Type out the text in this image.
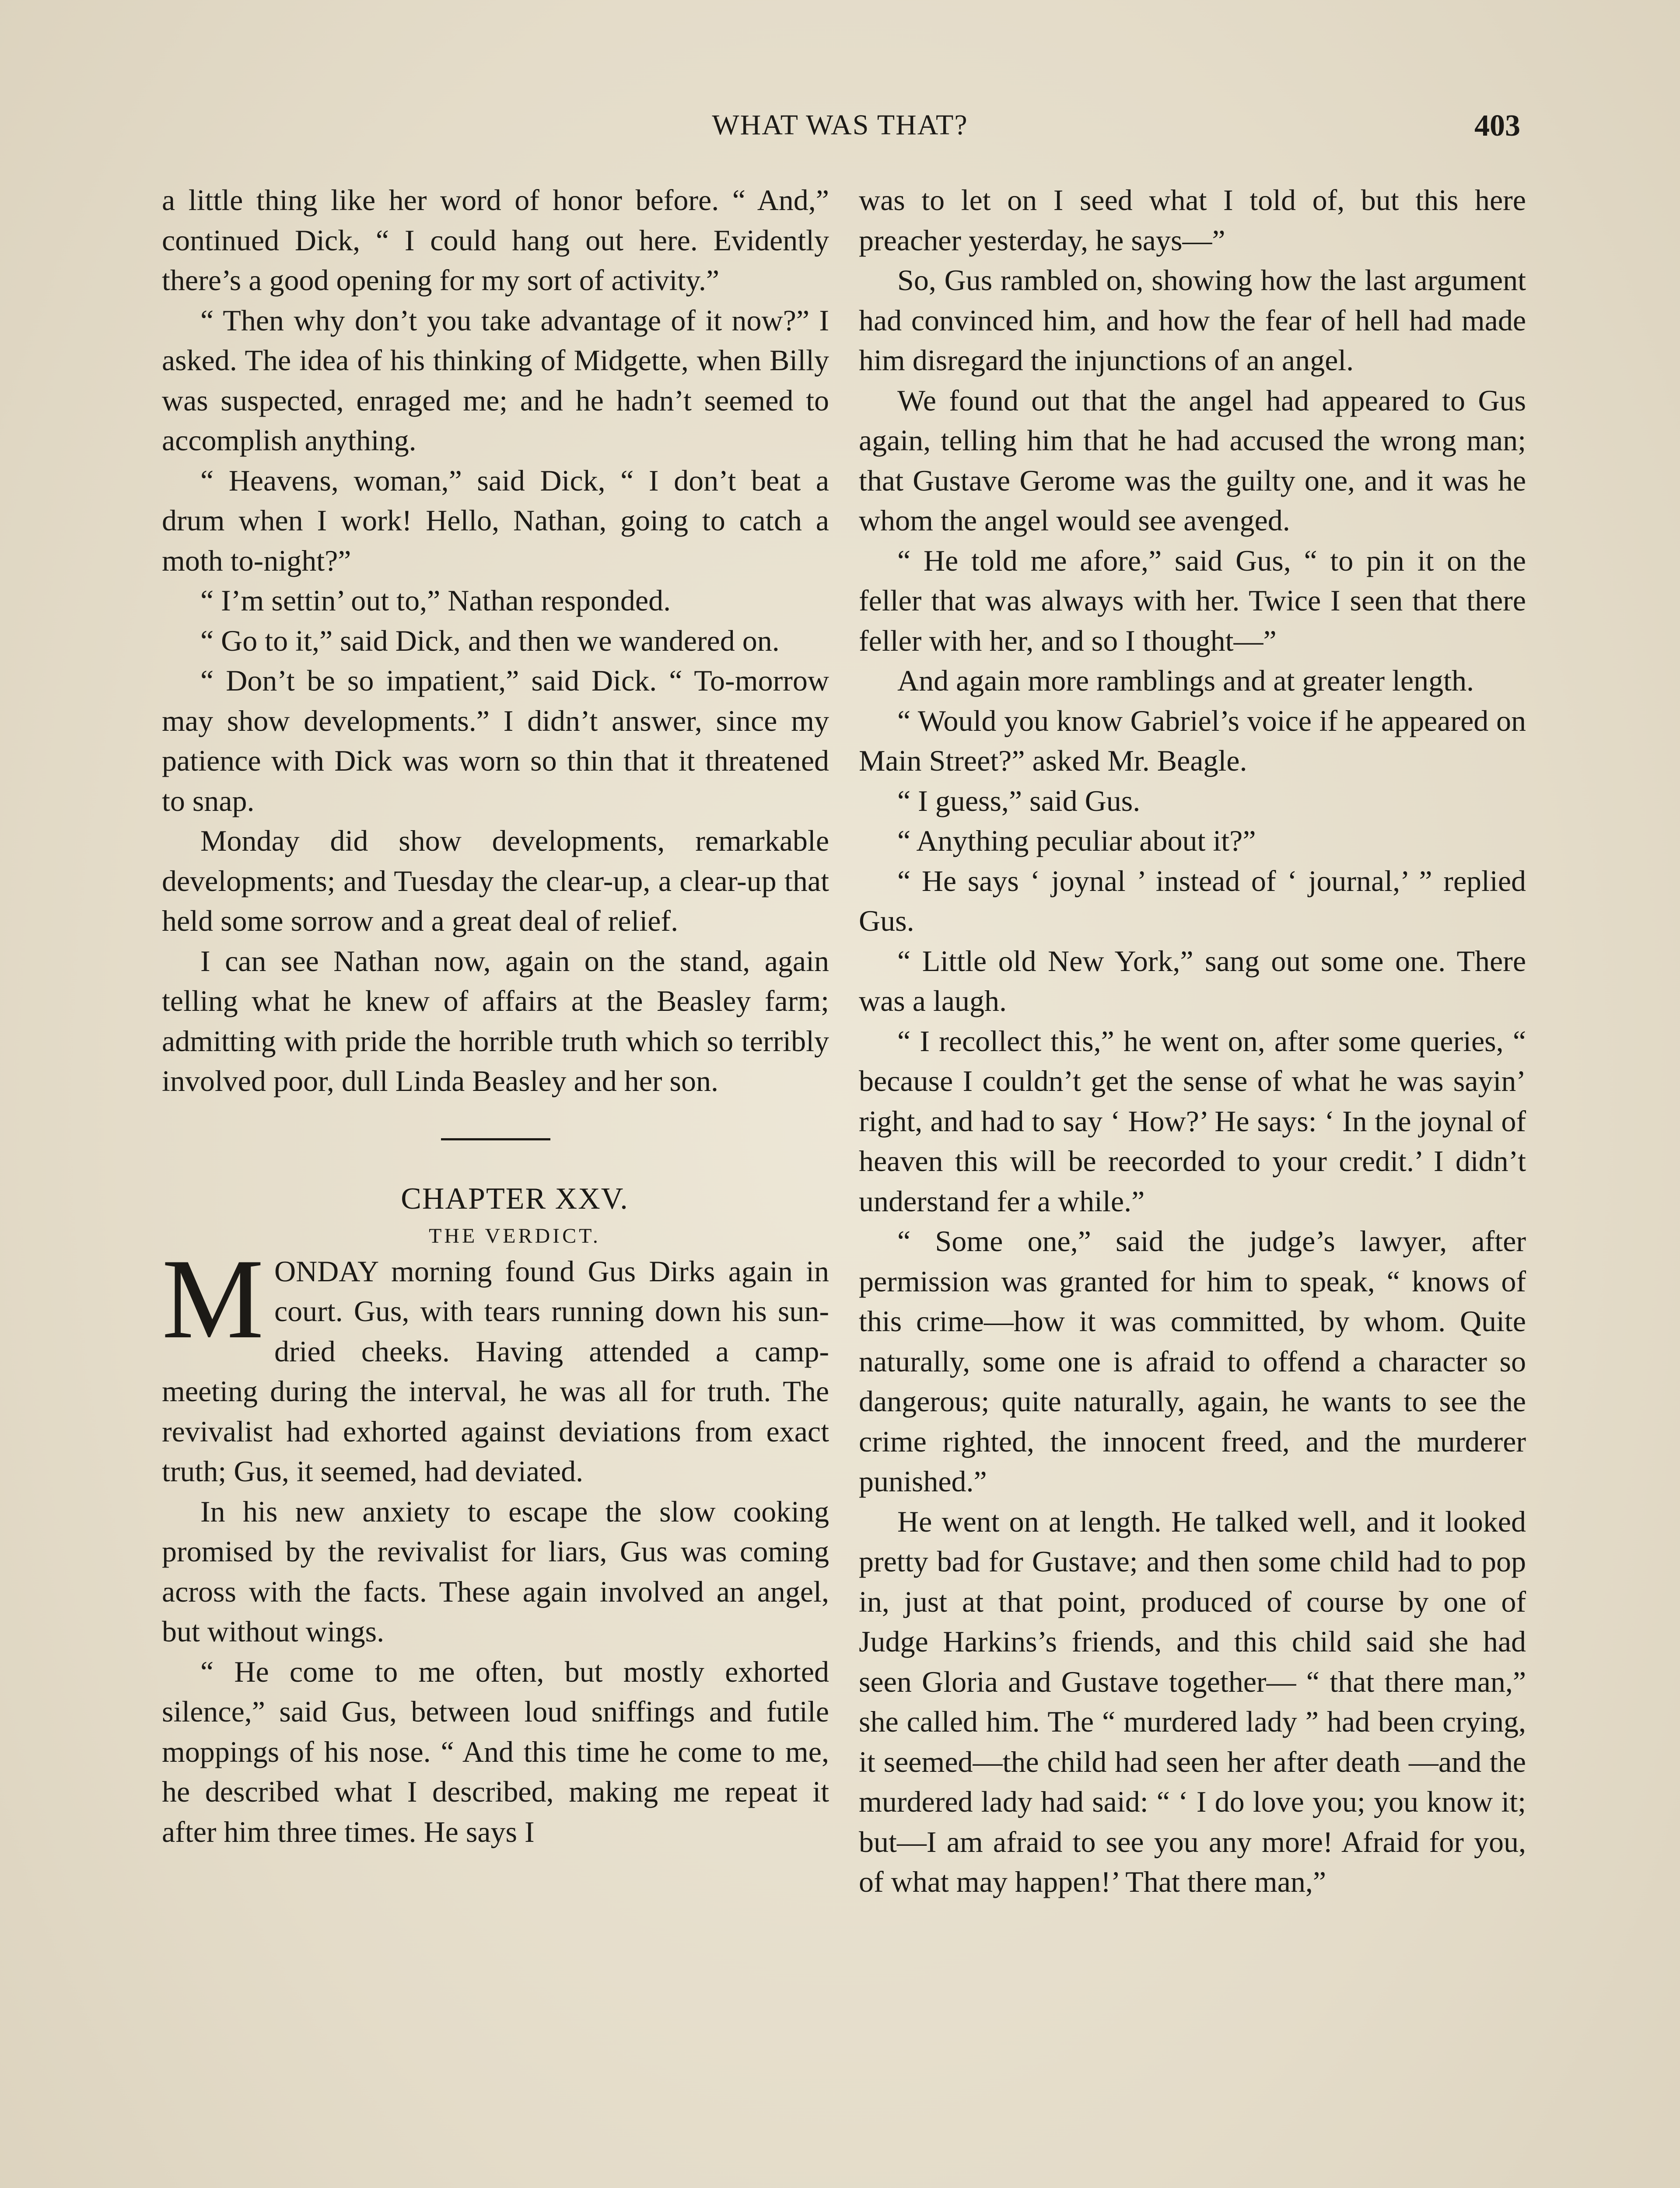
WHAT WAS THAT?	403

a little thing like her word of honor before. “ And,” continued Dick, “ I could hang out here. Evidently there’s a good opening for my sort of activity.”

“ Then why don’t you take advantage of it now?” I asked. The idea of his thinking of Midgette, when Billy was suspected, enraged me; and he hadn’t seemed to accomplish anything.

“ Heavens, woman,” said Dick, “ I don’t beat a drum when I work! Hello, Nathan, going to catch a moth to-night?”

“ I’m settin’ out to,” Nathan responded.

“ Go to it,” said Dick, and then we wandered on.

“ Don’t be so impatient,” said Dick. “ To-morrow may show developments.” I didn’t answer, since my patience with Dick was worn so thin that it threatened to snap.

Monday did show developments, remarkable developments; and Tuesday the clear-up, a clear-up that held some sorrow and a great deal of relief.

I can see Nathan now, again on the stand, again telling what he knew of affairs at the Beasley farm; admitting with pride the horrible truth which so terribly involved poor, dull Linda Beasley and her son.

CHAPTER XXV.

THE VERDICT.

MONDAY morning found Gus Dirks again in court. Gus, with tears running down his sun-dried cheeks. Having attended a camp-meeting during the interval, he was all for truth. The revivalist had exhorted against deviations from exact truth; Gus, it seemed, had deviated.

In his new anxiety to escape the slow cooking promised by the revivalist for liars, Gus was coming across with the facts. These again involved an angel, but without wings.

“ He come to me often, but mostly exhorted silence,” said Gus, between loud sniffings and futile moppings of his nose. “ And this time he come to me, he described what I described, making me repeat it after him three times. He says I

was to let on I seed what I told of, but this here preacher yesterday, he says—”

So, Gus rambled on, showing how the last argument had convinced him, and how the fear of hell had made him disregard the injunctions of an angel.

We found out that the angel had appeared to Gus again, telling him that he had accused the wrong man; that Gustave Gerome was the guilty one, and it was he whom the angel would see avenged.

“ He told me afore,” said Gus, “ to pin it on the feller that was always with her. Twice I seen that there feller with her, and so I thought—”

And again more ramblings and at greater length.

“ Would you know Gabriel’s voice if he appeared on Main Street?” asked Mr. Beagle.

“ I guess,” said Gus.

“ Anything peculiar about it?”

“ He says ‘ joynal ’ instead of ‘ journal,’ ” replied Gus.

“ Little old New York,” sang out some one. There was a laugh.

“ I recollect this,” he went on, after some queries, “ because I couldn’t get the sense of what he was sayin’ right, and had to say ‘ How?’ He says: ‘ In the joynal of heaven this will be reecorded to your credit.’ I didn’t understand fer a while.”

“ Some one,” said the judge’s lawyer, after permission was granted for him to speak, “ knows of this crime—how it was committed, by whom. Quite naturally, some one is afraid to offend a character so dangerous; quite naturally, again, he wants to see the crime righted, the innocent freed, and the murderer punished.”

He went on at length. He talked well, and it looked pretty bad for Gustave; and then some child had to pop in, just at that point, produced of course by one of Judge Harkins’s friends, and this child said she had seen Gloria and Gustave together— “ that there man,” she called him. The “ murdered lady ” had been crying, it seemed—the child had seen her after death —and the murdered lady had said: “ ‘ I do love you; you know it; but—I am afraid to see you any more! Afraid for you, of what may happen!’ That there man,”
